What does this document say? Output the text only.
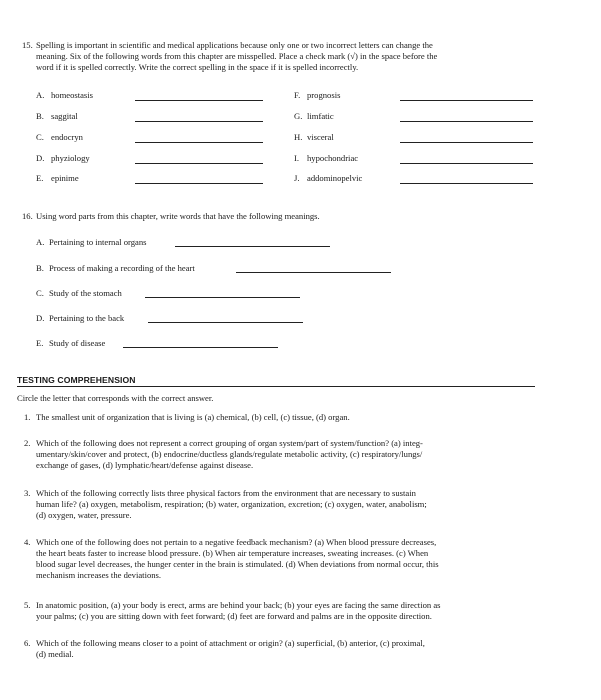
15. Spelling is important in scientific and medical applications because only one or two incorrect letters can change the
meaning. Six of the following words from this chapter are misspelled. Place a check mark (√) in the space before the
word if it is spelled correctly. Write the correct spelling in the space if it is spelled incorrectly.
A. homeostasis
B. saggital
C. endocryn
D. phyziology
E. epinime
F. prognosis
G. limfatic
H. visceral
I. hypochondriac
J. addominopelvic
16. Using word parts from this chapter, write words that have the following meanings.
A. Pertaining to internal organs
B. Process of making a recording of the heart
C. Study of the stomach
D. Pertaining to the back
E. Study of disease
TESTING COMPREHENSION
Circle the letter that corresponds with the correct answer.
1. The smallest unit of organization that is living is (a) chemical, (b) cell, (c) tissue, (d) organ.
2. Which of the following does not represent a correct grouping of organ system/part of system/function? (a) integ-
umentary/skin/cover and protect, (b) endocrine/ductless glands/regulate metabolic activity, (c) respiratory/lungs/
exchange of gases, (d) lymphatic/heart/defense against disease.
3. Which of the following correctly lists three physical factors from the environment that are necessary to sustain
human life? (a) oxygen, metabolism, respiration; (b) water, organization, excretion; (c) oxygen, water, anabolism;
(d) oxygen, water, pressure.
4. Which one of the following does not pertain to a negative feedback mechanism? (a) When blood pressure decreases,
the heart beats faster to increase blood pressure. (b) When air temperature increases, sweating increases. (c) When
blood sugar level decreases, the hunger center in the brain is stimulated. (d) When deviations from normal occur, this
mechanism increases the deviations.
5. In anatomic position, (a) your body is erect, arms are behind your back; (b) your eyes are facing the same direction as
your palms; (c) you are sitting down with feet forward; (d) feet are forward and palms are in the opposite direction.
6. Which of the following means closer to a point of attachment or origin? (a) superficial, (b) anterior, (c) proximal,
(d) medial.
